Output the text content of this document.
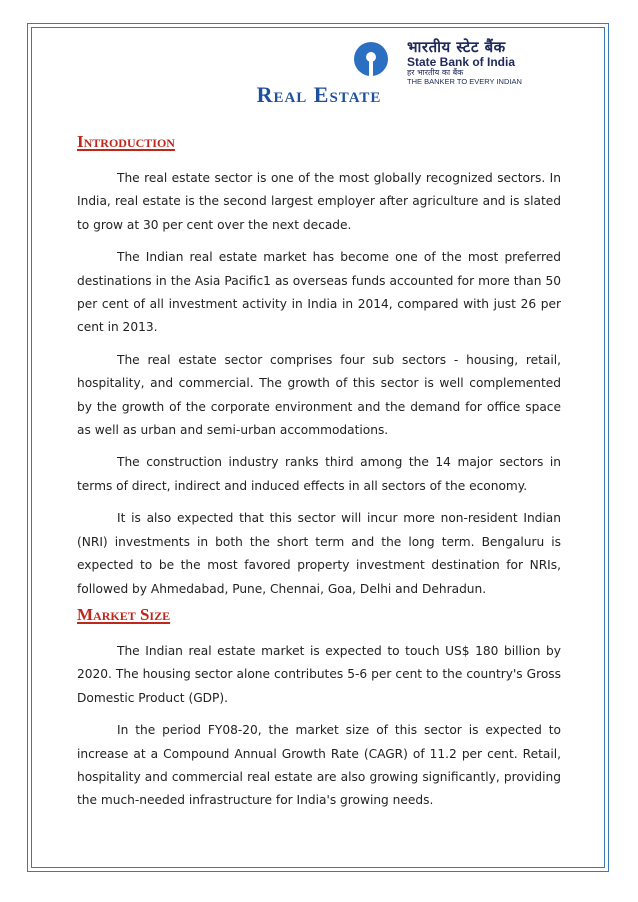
भारतीय स्टेट बैंक
State Bank of India
हर भारतीय का बैंक
THE BANKER TO EVERY INDIAN
Real Estate
Introduction

The real estate sector is one of the most globally recognized sectors. In India, real estate is the second largest employer after agriculture and is slated to grow at 30 per cent over the next decade.

The Indian real estate market has become one of the most preferred destinations in the Asia Pacific1 as overseas funds accounted for more than 50 per cent of all investment activity in India in 2014, compared with just 26 per cent in 2013.

The real estate sector comprises four sub sectors - housing, retail, hospitality, and commercial. The growth of this sector is well complemented by the growth of the corporate environment and the demand for office space as well as urban and semi-urban accommodations.

The construction industry ranks third among the 14 major sectors in terms of direct, indirect and induced effects in all sectors of the economy.

It is also expected that this sector will incur more non-resident Indian (NRI) investments in both the short term and the long term. Bengaluru is expected to be the most favored property investment destination for NRIs, followed by Ahmedabad, Pune, Chennai, Goa, Delhi and Dehradun.

Market Size

The Indian real estate market is expected to touch US$ 180 billion by 2020. The housing sector alone contributes 5-6 per cent to the country's Gross Domestic Product (GDP).

In the period FY08-20, the market size of this sector is expected to increase at a Compound Annual Growth Rate (CAGR) of 11.2 per cent. Retail, hospitality and commercial real estate are also growing significantly, providing the much-needed infrastructure for India's growing needs.
